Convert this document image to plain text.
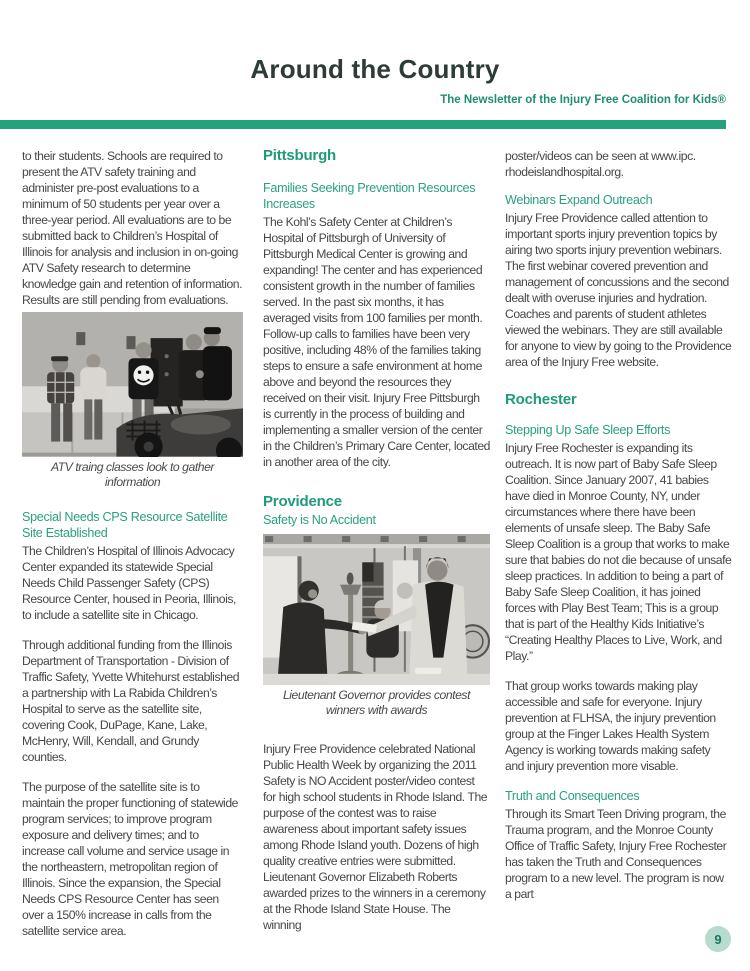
Around the Country
The Newsletter of the Injury Free Coalition for Kids®

to their students. Schools are required to present the ATV safety training and administer pre-post evaluations to a minimum of 50 students per year over a three-year period. All evaluations are to be submitted back to Children’s Hospital of Illinois for analysis and inclusion in on-going ATV Safety research to determine knowledge gain and retention of information. Results are still pending from evaluations.

ATV traing classes look to gather information
Special Needs CPS Resource Satellite Site Established

The Children’s Hospital of Illinois Advocacy Center expanded its statewide Special Needs Child Passenger Safety (CPS) Resource Center, housed in Peoria, Illinois, to include a satellite site in Chicago.

Through additional funding from the Illinois Department of Transportation - Division of Traffic Safety, Yvette Whitehurst established a partnership with La Rabida Children’s Hospital to serve as the satellite site, covering Cook, DuPage, Kane, Lake, McHenry, Will, Kendall, and Grundy counties.

The purpose of the satellite site is to maintain the proper functioning of statewide program services; to improve program exposure and delivery times; and to increase call volume and service usage in the northeastern, metropolitan region of Illinois. Since the expansion, the Special Needs CPS Resource Center has seen over a 150% increase in calls from the satellite service area.

Pittsburgh
Families Seeking Prevention Resources Increases

The Kohl’s Safety Center at Children’s Hospital of Pittsburgh of University of Pittsburgh Medical Center is growing and expanding! The center and has experienced consistent growth in the number of families served. In the past six months, it has averaged visits from 100 families per month. Follow-up calls to families have been very positive, including 48% of the families taking steps to ensure a safe environment at home above and beyond the resources they received on their visit. Injury Free Pittsburgh is currently in the process of building and implementing a smaller version of the center in the Children’s Primary Care Center, located in another area of the city.

Providence
Safety is No Accident
Lieutenant Governor provides contest winners with awards

Injury Free Providence celebrated National Public Health Week by organizing the 2011 Safety is NO Accident poster/video contest for high school students in Rhode Island. The purpose of the contest was to raise awareness about important safety issues among Rhode Island youth. Dozens of high quality creative entries were submitted. Lieutenant Governor Elizabeth Roberts awarded prizes to the winners in a ceremony at the Rhode Island State House. The winning

poster/videos can be seen at www.ipc. rhodeislandhospital.org.

Webinars Expand Outreach

Injury Free Providence called attention to important sports injury prevention topics by airing two sports injury prevention webinars. The first webinar covered prevention and management of concussions and the second dealt with overuse injuries and hydration. Coaches and parents of student athletes viewed the webinars. They are still available for anyone to view by going to the Providence area of the Injury Free website.

Rochester
Stepping Up Safe Sleep Efforts

Injury Free Rochester is expanding its outreach. It is now part of Baby Safe Sleep Coalition. Since January 2007, 41 babies have died in Monroe County, NY, under circumstances where there have been elements of unsafe sleep. The Baby Safe Sleep Coalition is a group that works to make sure that babies do not die because of unsafe sleep practices. In addition to being a part of Baby Safe Sleep Coalition, it has joined forces with Play Best Team; This is a group that is part of the Healthy Kids Initiative’s “Creating Healthy Places to Live, Work, and Play.”

That group works towards making play accessible and safe for everyone. Injury prevention at FLHSA, the injury prevention group at the Finger Lakes Health System Agency is working towards making safety and injury prevention more visable.

Truth and Consequences

Through its Smart Teen Driving program, the Trauma program, and the Monroe County Office of Traffic Safety, Injury Free Rochester has taken the Truth and Consequences program to a new level. The program is now a part

9
